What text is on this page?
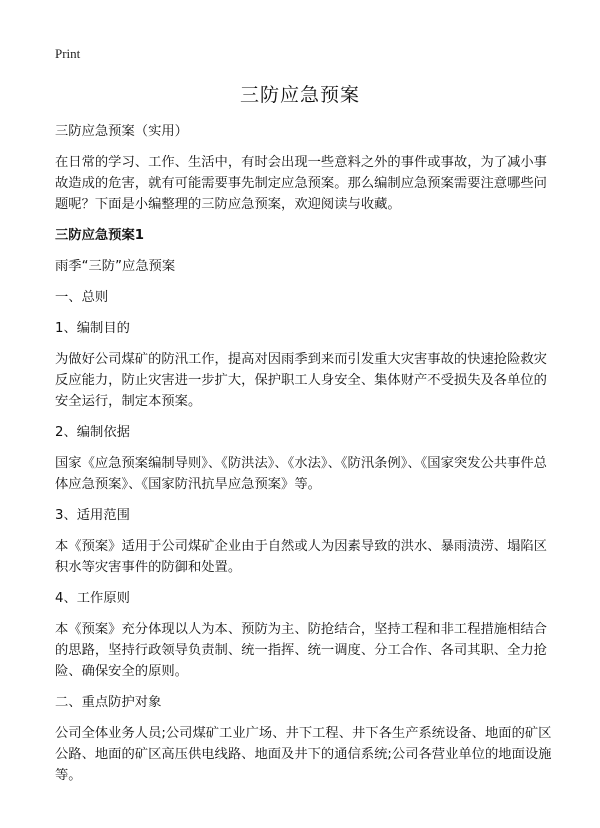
Print
三防应急预案

三防应急预案（实用）

在日常的学习、工作、生活中，有时会出现一些意料之外的事件或事故，为了减小事故造成的危害，就有可能需要事先制定应急预案。那么编制应急预案需要注意哪些问题呢？下面是小编整理的三防应急预案，欢迎阅读与收藏。

三防应急预案1

雨季“三防”应急预案

一、总则

1、编制目的

为做好公司煤矿的防汛工作，提高对因雨季到来而引发重大灾害事故的快速抢险救灾反应能力，防止灾害进一步扩大，保护职工人身安全、集体财产不受损失及各单位的安全运行，制定本预案。

2、编制依据

国家《应急预案编制导则》、《防洪法》、《水法》、《防汛条例》、《国家突发公共事件总体应急预案》、《国家防汛抗旱应急预案》等。

3、适用范围

本《预案》适用于公司煤矿企业由于自然或人为因素导致的洪水、暴雨渍涝、塌陷区积水等灾害事件的防御和处置。

4、工作原则

本《预案》充分体现以人为本、预防为主、防抢结合，坚持工程和非工程措施相结合的思路，坚持行政领导负责制、统一指挥、统一调度、分工合作、各司其职、全力抢险、确保安全的原则。

二、重点防护对象

公司全体业务人员;公司煤矿工业广场、井下工程、井下各生产系统设备、地面的矿区公路、地面的矿区高压供电线路、地面及井下的通信系统;公司各营业单位的地面设施等。
